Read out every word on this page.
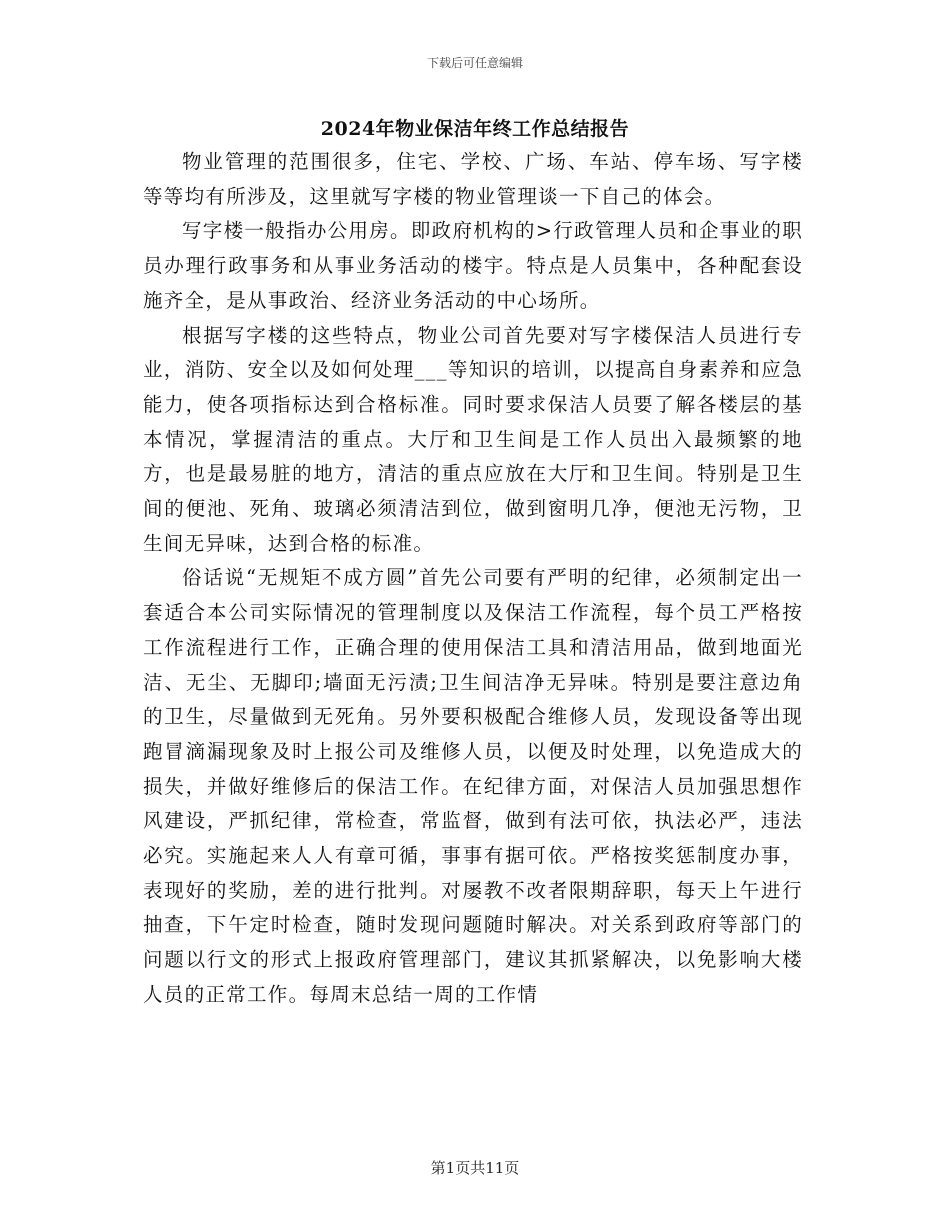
下载后可任意编辑
2024年物业保洁年终工作总结报告

物业管理的范围很多，住宅、学校、广场、车站、停车场、写字楼等等均有所涉及，这里就写字楼的物业管理谈一下自己的体会。

写字楼一般指办公用房。即政府机构的>行政管理人员和企事业的职员办理行政事务和从事业务活动的楼宇。特点是人员集中，各种配套设施齐全，是从事政治、经济业务活动的中心场所。

根据写字楼的这些特点，物业公司首先要对写字楼保洁人员进行专业，消防、安全以及如何处理___等知识的培训，以提高自身素养和应急能力，使各项指标达到合格标准。同时要求保洁人员要了解各楼层的基本情况，掌握清洁的重点。大厅和卫生间是工作人员出入最频繁的地方，也是最易脏的地方，清洁的重点应放在大厅和卫生间。特别是卫生间的便池、死角、玻璃必须清洁到位，做到窗明几净，便池无污物，卫生间无异味，达到合格的标准。

俗话说“无规矩不成方圆”首先公司要有严明的纪律，必须制定出一套适合本公司实际情况的管理制度以及保洁工作流程，每个员工严格按工作流程进行工作，正确合理的使用保洁工具和清洁用品，做到地面光洁、无尘、无脚印;墙面无污渍;卫生间洁净无异味。特别是要注意边角的卫生，尽量做到无死角。另外要积极配合维修人员，发现设备等出现跑冒滴漏现象及时上报公司及维修人员，以便及时处理，以免造成大的损失，并做好维修后的保洁工作。在纪律方面，对保洁人员加强思想作风建设，严抓纪律，常检查，常监督，做到有法可依，执法必严，违法必究。实施起来人人有章可循，事事有据可依。严格按奖惩制度办事，表现好的奖励，差的进行批判。对屡教不改者限期辞职，每天上午进行抽查，下午定时检查，随时发现问题随时解决。对关系到政府等部门的问题以行文的形式上报政府管理部门，建议其抓紧解决，以免影响大楼人员的正常工作。每周末总结一周的工作情

第1页共11页
